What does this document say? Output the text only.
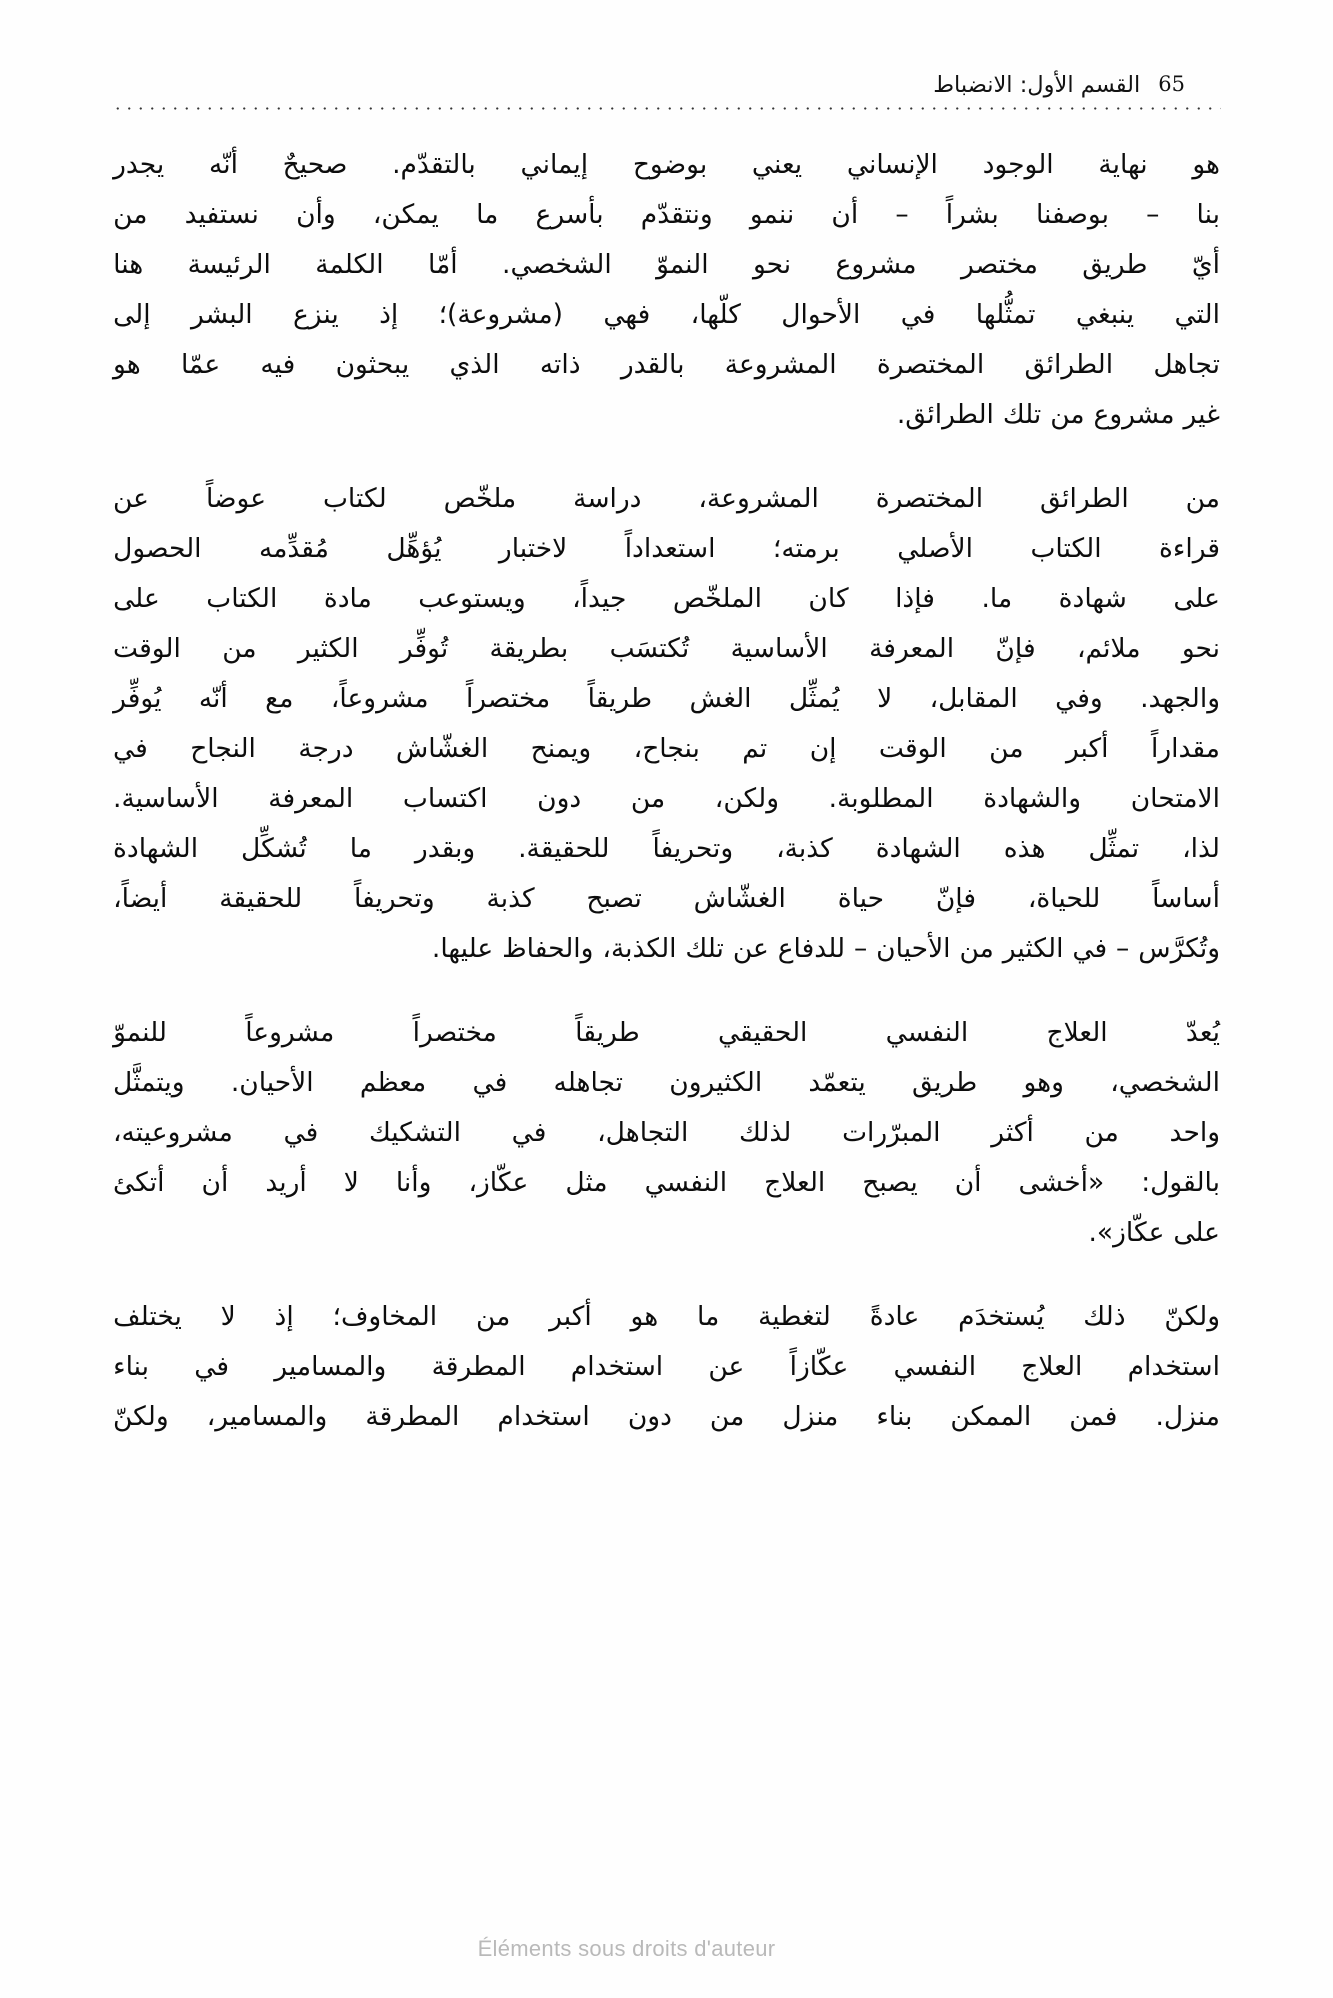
القسم الأول: الانضباط 65

هو
نهاية
الوجود
الإنساني
يعني
بوضوح
إيماني
بالتقدّم.
صحيحٌ
أنّه
يجدر
بنا
–
بوصفنا
بشراً
–
أن
ننمو
ونتقدّم
بأسرع
ما
يمكن،
وأن
نستفيد
من
أيّ
طريق
مختصر
مشروع
نحو
النموّ
الشخصي.
أمّا
الكلمة
الرئيسة
هنا
التي
ينبغي
تمثُّلها
في
الأحوال
كلّها،
فهي
(مشروعة)؛
إذ
ينزع
البشر
إلى
تجاهل
الطرائق
المختصرة
المشروعة
بالقدر
ذاته
الذي
يبحثون
فيه
عمّا
هو
غير مشروع من تلك الطرائق.

من
الطرائق
المختصرة
المشروعة،
دراسة
ملخّص
لكتاب
عوضاً
عن
قراءة
الكتاب
الأصلي
برمته؛
استعداداً
لاختبار
يُؤهِّل
مُقدِّمه
الحصول
على
شهادة
ما.
فإذا
كان
الملخّص
جيداً،
ويستوعب
مادة
الكتاب
على
نحو
ملائم،
فإنّ
المعرفة
الأساسية
تُكتسَب
بطريقة
تُوفِّر
الكثير
من
الوقت
والجهد.
وفي
المقابل،
لا
يُمثِّل
الغش
طريقاً
مختصراً
مشروعاً،
مع
أنّه
يُوفِّر
مقداراً
أكبر
من
الوقت
إن
تم
بنجاح،
ويمنح
الغشّاش
درجة
النجاح
في
الامتحان
والشهادة
المطلوبة.
ولكن،
من
دون
اكتساب
المعرفة
الأساسية.
لذا،
تمثِّل
هذه
الشهادة
كذبة،
وتحريفاً
للحقيقة.
وبقدر
ما
تُشكِّل
الشهادة
أساساً
للحياة،
فإنّ
حياة
الغشّاش
تصبح
كذبة
وتحريفاً
للحقيقة
أيضاً،
وتُكرَّس – في الكثير من الأحيان – للدفاع عن تلك الكذبة، والحفاظ عليها.

يُعدّ
العلاج
النفسي
الحقيقي
طريقاً
مختصراً
مشروعاً
للنموّ
الشخصي،
وهو
طريق
يتعمّد
الكثيرون
تجاهله
في
معظم
الأحيان.
ويتمثَّل
واحد
من
أكثر
المبرّرات
لذلك
التجاهل،
في
التشكيك
في
مشروعيته،
بالقول:
«أخشى
أن
يصبح
العلاج
النفسي
مثل
عكّاز،
وأنا
لا
أريد
أن
أتكئ
على عكّاز».

ولكنّ
ذلك
يُستخدَم
عادةً
لتغطية
ما
هو
أكبر
من
المخاوف؛
إذ
لا
يختلف
استخدام
العلاج
النفسي
عكّازاً
عن
استخدام
المطرقة
والمسامير
في
بناء
منزل.
فمن
الممكن
بناء
منزل
من
دون
استخدام
المطرقة
والمسامير،
ولكنّ

Éléments sous droits d'auteur
